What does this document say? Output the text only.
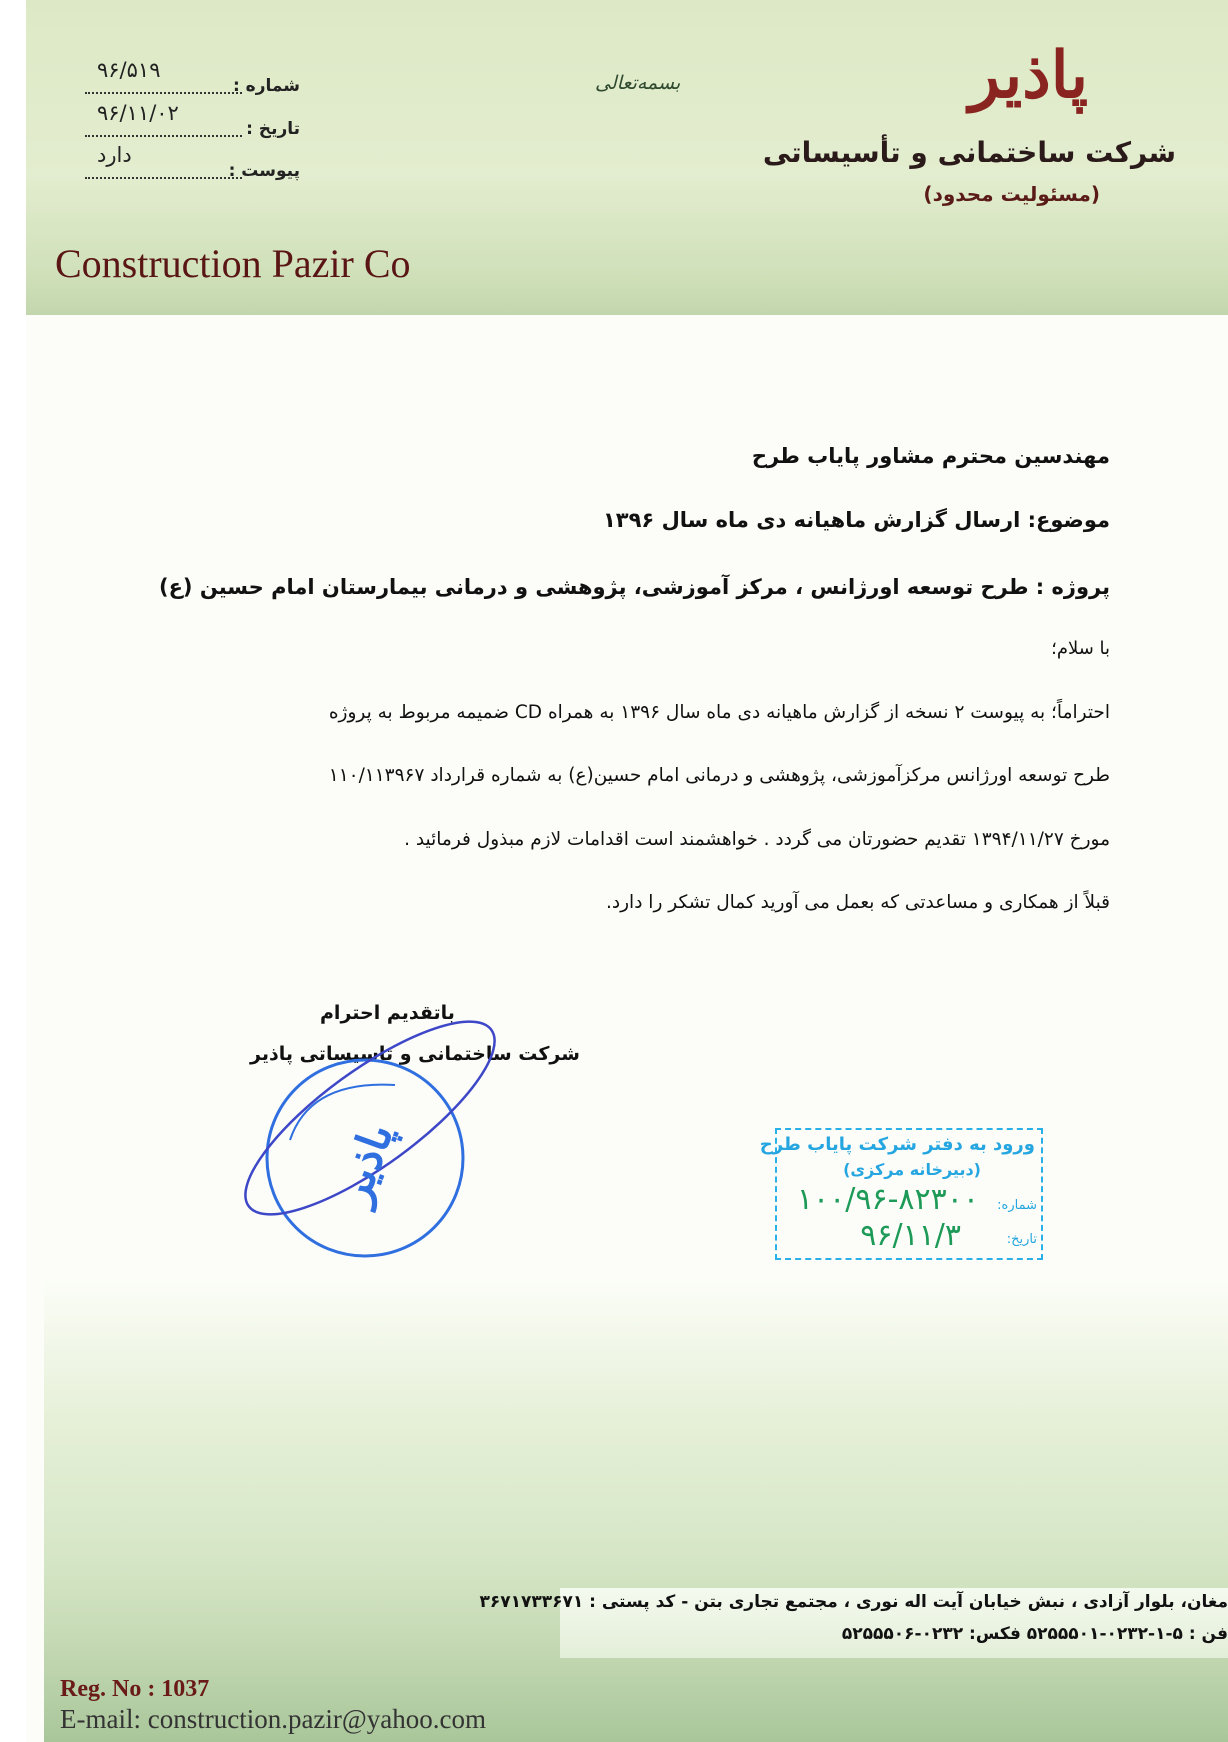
پاذیر
شرکت ساختمانی و تأسیساتی
(مسئولیت محدود)
بسمه‌تعالی
شماره :
۹۶/۵۱۹
تاریخ :
۹۶/۱۱/۰۲
پیوست :
دارد
Construction Pazir Co
مهندسین محترم مشاور پایاب طرح
موضوع: ارسال گزارش ماهیانه دی ماه سال ۱۳۹۶
پروژه : طرح توسعه اورژانس ، مرکز آموزشی، پژوهشی و درمانی بیمارستان امام حسین (ع)
با سلام؛
احتراماً؛ به پیوست ۲ نسخه از گزارش ماهیانه دی ماه سال ۱۳۹۶ به همراه CD ضمیمه مربوط به پروژه
طرح توسعه اورژانس مرکزآموزشی، پژوهشی و درمانی امام حسین(ع) به شماره قرارداد ۱۱۰/۱۱۳۹۶۷
مورخ ۱۳۹۴/۱۱/۲۷ تقدیم حضورتان می گردد . خواهشمند است اقدامات لازم مبذول فرمائید .
قبلاً از همکاری و مساعدتی که بعمل می آورید کمال تشکر را دارد.
باتقدیم احترام
شرکت ساختمانی و تاسیساتی پاذیر
پاذیر	ورود به دفتر شرکت پایاب طرح
(دبیرخانه مرکزی)
شماره:
۱۰۰/۹۶-۸۲۳۰۰
تاریخ:
۹۶/۱۱/۳
مغان، بلوار آزادی ، نبش خیابان آیت اله نوری ، مجتمع تجاری بتن - کد پستی : ۳۶۷۱۷۳۳۶۷۱
فن : ۵-۱-۰۲۳۲-۵۲۵۵۵۰۱ فکس: ۰۲۳۲-۵۲۵۵۵۰۶
Reg. No : 1037
E-mail: construction.pazir@yahoo.com
